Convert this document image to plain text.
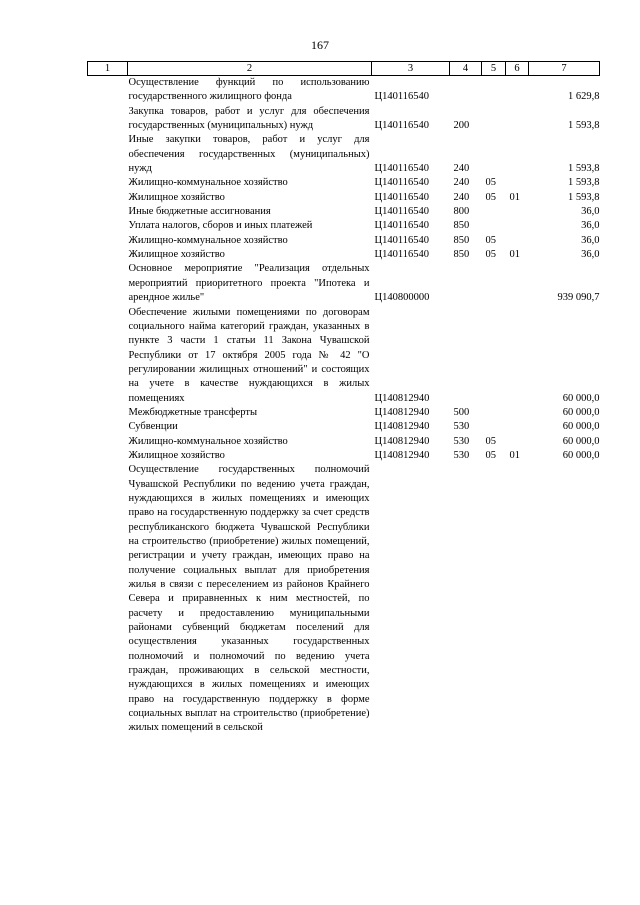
167
1	2	3	4	5	6	7
	Осуществление функций по использованию государственного жилищного фонда	Ц140116540				1 629,8
	Закупка товаров, работ и услуг для обеспечения государственных (муниципальных) нужд	Ц140116540	200			1 593,8
	Иные закупки товаров, работ и услуг для обеспечения государственных (муниципальных) нужд	Ц140116540	240			1 593,8
	Жилищно-коммунальное хозяйство	Ц140116540	240	05		1 593,8
	Жилищное хозяйство	Ц140116540	240	05	01	1 593,8
	Иные бюджетные ассигнования	Ц140116540	800			36,0
	Уплата налогов, сборов и иных платежей	Ц140116540	850			36,0
	Жилищно-коммунальное хозяйство	Ц140116540	850	05		36,0
	Жилищное хозяйство	Ц140116540	850	05	01	36,0
	Основное мероприятие "Реализация отдельных мероприятий приоритетного проекта "Ипотека и арендное жилье"	Ц140800000				939 090,7
	Обеспечение жилыми помещениями по договорам социального найма категорий граждан, указанных в пункте 3 части 1 статьи 11 Закона Чувашской Республики от 17 октября 2005 года № 42 "О регулировании жилищных отношений" и состоящих на учете в качестве нуждающихся в жилых помещениях	Ц140812940				60 000,0
	Межбюджетные трансферты	Ц140812940	500			60 000,0
	Субвенции	Ц140812940	530			60 000,0
	Жилищно-коммунальное хозяйство	Ц140812940	530	05		60 000,0
	Жилищное хозяйство	Ц140812940	530	05	01	60 000,0
	Осуществление государственных полномочий Чувашской Республики по ведению учета граждан, нуждающихся в жилых помещениях и имеющих право на государственную поддержку за счет средств республиканского бюджета Чувашской Республики на строительство (приобретение) жилых помещений, регистрации и учету граждан, имеющих право на получение социальных выплат для приобретения жилья в связи с переселением из районов Крайнего Севера и приравненных к ним местностей, по расчету и предоставлению муниципальными районами субвенций бюджетам поселений для осуществления указанных государственных полномочий и полномочий по ведению учета граждан, проживающих в сельской местности, нуждающихся в жилых помещениях и имеющих право на государственную поддержку в форме социальных выплат на строительство (приобретение) жилых помещений в сельской					
